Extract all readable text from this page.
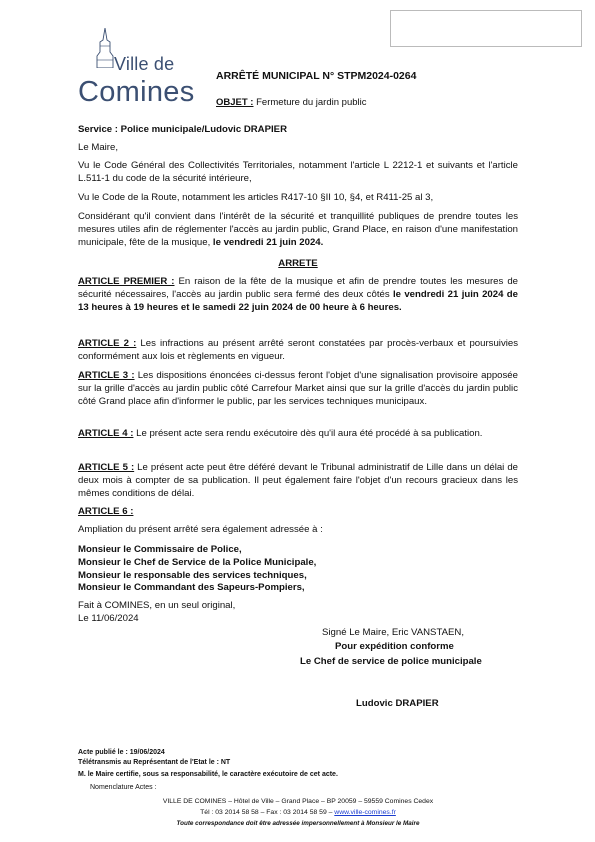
Ville de
Comines ARRÊTÉ MUNICIPAL N° STPM2024-0264
OBJET : Fermeture du jardin public
Service : Police municipale/Ludovic DRAPIER
Le Maire,
Vu le Code Général des Collectivités Territoriales, notamment l'article L 2212-1 et suivants et l'article L.511-1 du code de la sécurité intérieure,
Vu le Code de la Route, notamment les articles R417-10 §II 10, §4, et R411-25 al 3,
Considérant qu'il convient dans l'intérêt de la sécurité et tranquillité publiques de prendre toutes les mesures utiles afin de réglementer l'accès au jardin public, Grand Place, en raison d'une manifestation municipale, fête de la musique, le vendredi 21 juin 2024.
ARRETE
ARTICLE PREMIER : En raison de la fête de la musique et afin de prendre toutes les mesures de sécurité nécessaires, l'accès au jardin public sera fermé des deux côtés le vendredi 21 juin 2024 de 13 heures à 19 heures et le samedi 22 juin 2024 de 00 heure à 6 heures.
ARTICLE 2 : Les infractions au présent arrêté seront constatées par procès-verbaux et poursuivies conformément aux lois et règlements en vigueur.
ARTICLE 3 : Les dispositions énoncées ci-dessus feront l'objet d'une signalisation provisoire apposée sur la grille d'accès au jardin public côté Carrefour Market ainsi que sur la grille d'accès du jardin public côté Grand place afin d'informer le public, par les services techniques municipaux.
ARTICLE 4 : Le présent acte sera rendu exécutoire dès qu'il aura été procédé à sa publication.
ARTICLE 5 : Le présent acte peut être déféré devant le Tribunal administratif de Lille dans un délai de deux mois à compter de sa publication. Il peut également faire l'objet d'un recours gracieux dans les mêmes conditions de délai.
ARTICLE 6 :
Ampliation du présent arrêté sera également adressée à :
Monsieur le Commissaire de Police,
Monsieur le Chef de Service de la Police Municipale,
Monsieur le responsable des services techniques,
Monsieur le Commandant des Sapeurs-Pompiers,
Fait à COMINES, en un seul original,
Le 11/06/2024
Signé Le Maire, Eric VANSTAEN,
Pour expédition conforme
Le Chef de service de police municipale
Ludovic DRAPIER
Acte publié le : 19/06/2024
Télétransmis au Représentant de l'Etat le : NT
M. le Maire certifie, sous sa responsabilité, le caractère exécutoire de cet acte.
Nomenclature Actes :
VILLE DE COMINES – Hôtel de Ville – Grand Place – BP 20059 – 59559 Comines Cedex
Tél : 03 2014 58 58 – Fax : 03 2014 58 59 – www.ville-comines.fr
Toute correspondance doit être adressée impersonnellement à Monsieur le Maire
